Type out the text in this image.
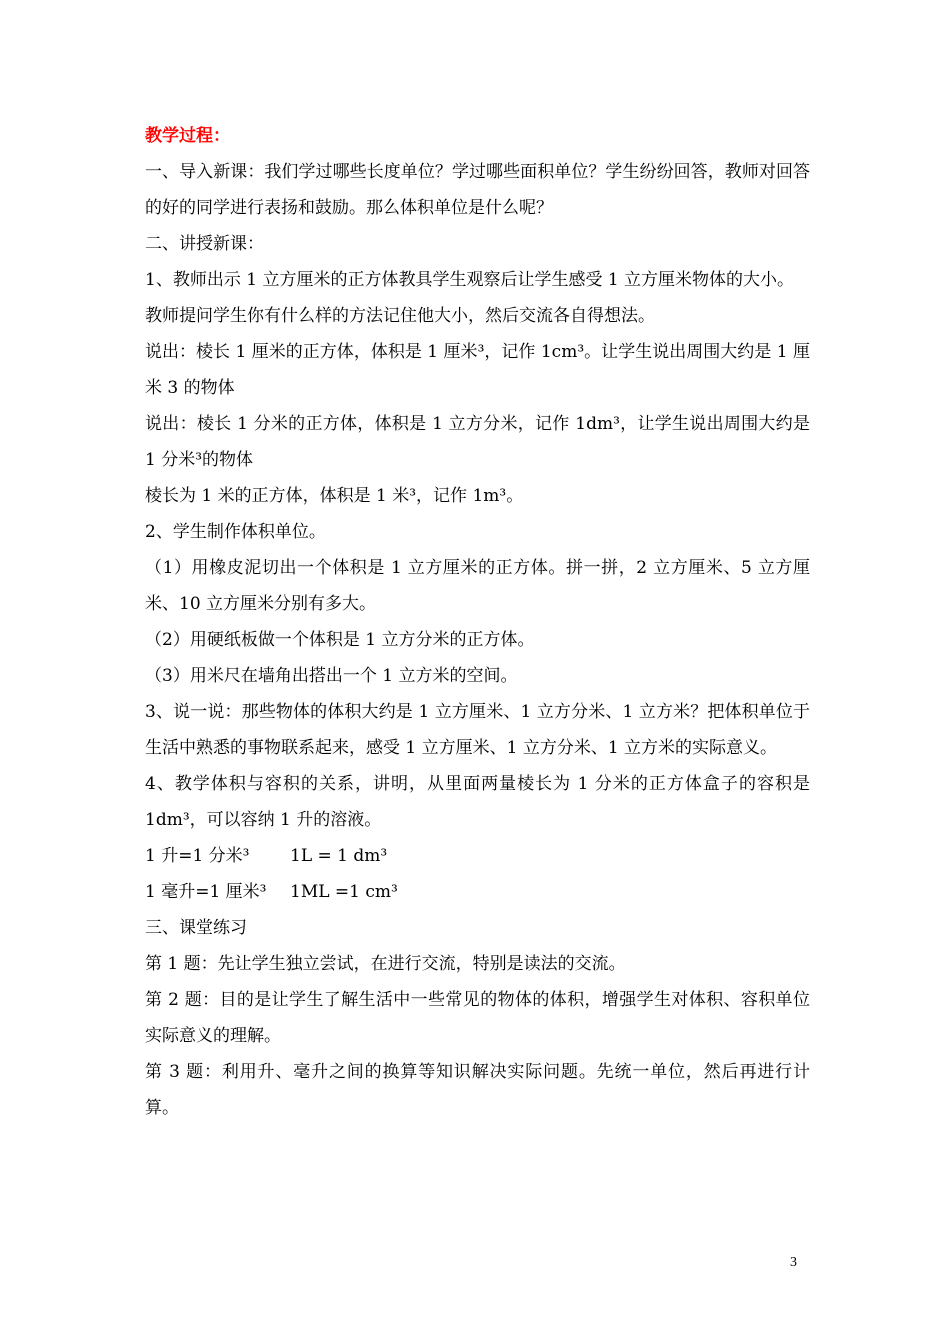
教学过程：
一、导入新课：我们学过哪些长度单位？学过哪些面积单位？学生纷纷回答，教师对回答的好的同学进行表扬和鼓励。那么体积单位是什么呢？
二、讲授新课：
1、教师出示 1 立方厘米的正方体教具学生观察后让学生感受 1 立方厘米物体的大小。
教师提问学生你有什么样的方法记住他大小，然后交流各自得想法。
说出：棱长 1 厘米的正方体，体积是 1 厘米³，记作 1cm³。让学生说出周围大约是 1 厘米 3 的物体
说出：棱长 1 分米的正方体，体积是 1 立方分米，记作 1dm³，让学生说出周围大约是 1 分米³的物体
棱长为 1 米的正方体，体积是 1 米³，记作 1m³。
2、学生制作体积单位。
（1）用橡皮泥切出一个体积是 1 立方厘米的正方体。拼一拼，2 立方厘米、5 立方厘米、10 立方厘米分别有多大。
（2）用硬纸板做一个体积是 1 立方分米的正方体。
（3）用米尺在墙角出搭出一个 1 立方米的空间。
3、说一说：那些物体的体积大约是 1 立方厘米、1 立方分米、1 立方米？把体积单位于生活中熟悉的事物联系起来，感受 1 立方厘米、1 立方分米、1 立方米的实际意义。
4、教学体积与容积的关系，讲明，从里面两量棱长为 1 分米的正方体盒子的容积是 1dm³，可以容纳 1 升的溶液。
1 升=1 分米³ 1L = 1 dm³
1 毫升=1 厘米³ 1ML =1 cm³
三、课堂练习
第 1 题：先让学生独立尝试，在进行交流，特别是读法的交流。
第 2 题：目的是让学生了解生活中一些常见的物体的体积，增强学生对体积、容积单位实际意义的理解。
第 3 题：利用升、毫升之间的换算等知识解决实际问题。先统一单位，然后再进行计算。
3
